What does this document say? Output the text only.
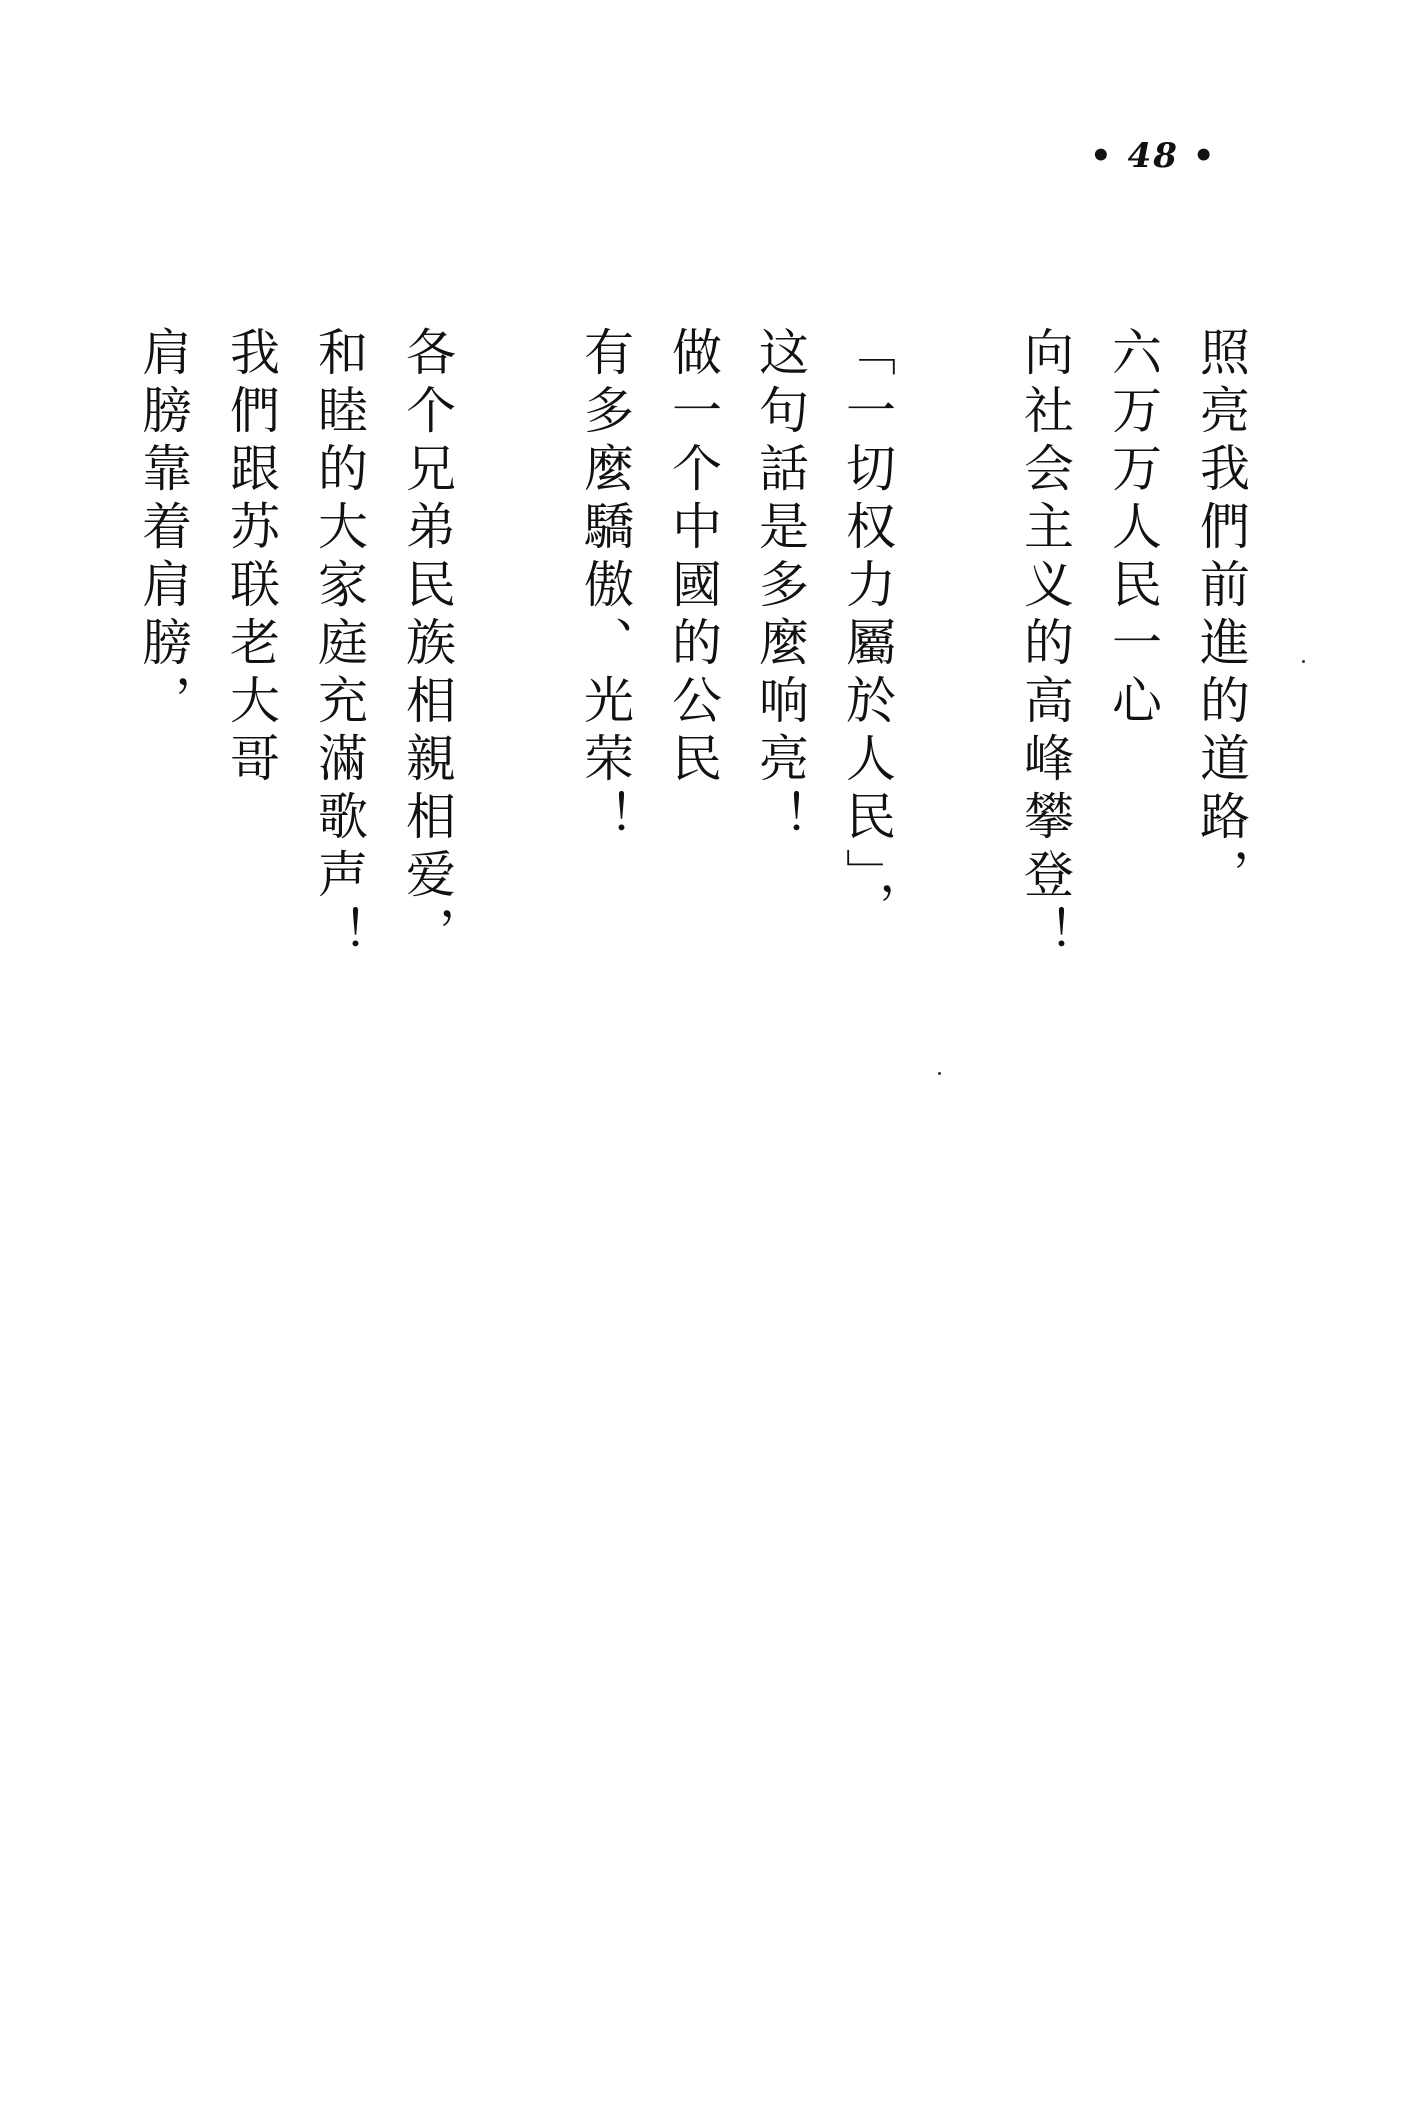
• 48 •
照亮我們前進的道路，
六万万人民一心
向社会主义的高峰攀登！
「一切权力屬於人民」，
这句話是多麼响亮！
做一个中國的公民
有多麼驕傲、光荣！
各个兄弟民族相親相爱，
和睦的大家庭充滿歌声！
我們跟苏联老大哥
肩膀靠着肩膀，
